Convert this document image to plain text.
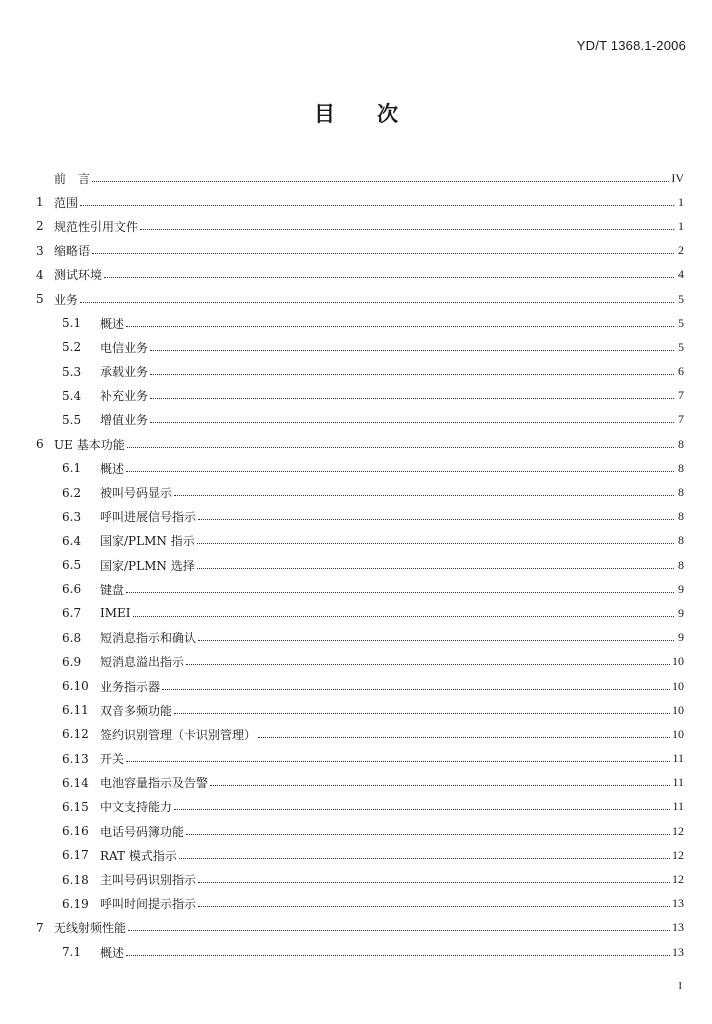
YD/T 1368.1-2006
目　　次
前　言	IV
1 范围	1
2 规范性引用文件	1
3 缩略语	2
4 测试环境	4
5 业务	5
5.1	概述	5
5.2	电信业务	5
5.3	承载业务	6
5.4	补充业务	7
5.5	增值业务	7
6 UE 基本功能	8
6.1	概述	8
6.2	被叫号码显示	8
6.3	呼叫进展信号指示	8
6.4	国家/PLMN 指示	8
6.5	国家/PLMN 选择	8
6.6	键盘	9
6.7	IMEI	9
6.8	短消息指示和确认	9
6.9	短消息溢出指示	10
6.10 业务指示器	10
6.11 双音多频功能	10
6.12 签约识别管理（卡识别管理）	10
6.13 开关	11
6.14 电池容量指示及告警	11
6.15 中文支持能力	11
6.16 电话号码簿功能	12
6.17 RAT 模式指示	12
6.18 主叫号码识别指示	12
6.19 呼叫时间提示指示	13
7 无线射频性能	13
7.1	概述	13
I
